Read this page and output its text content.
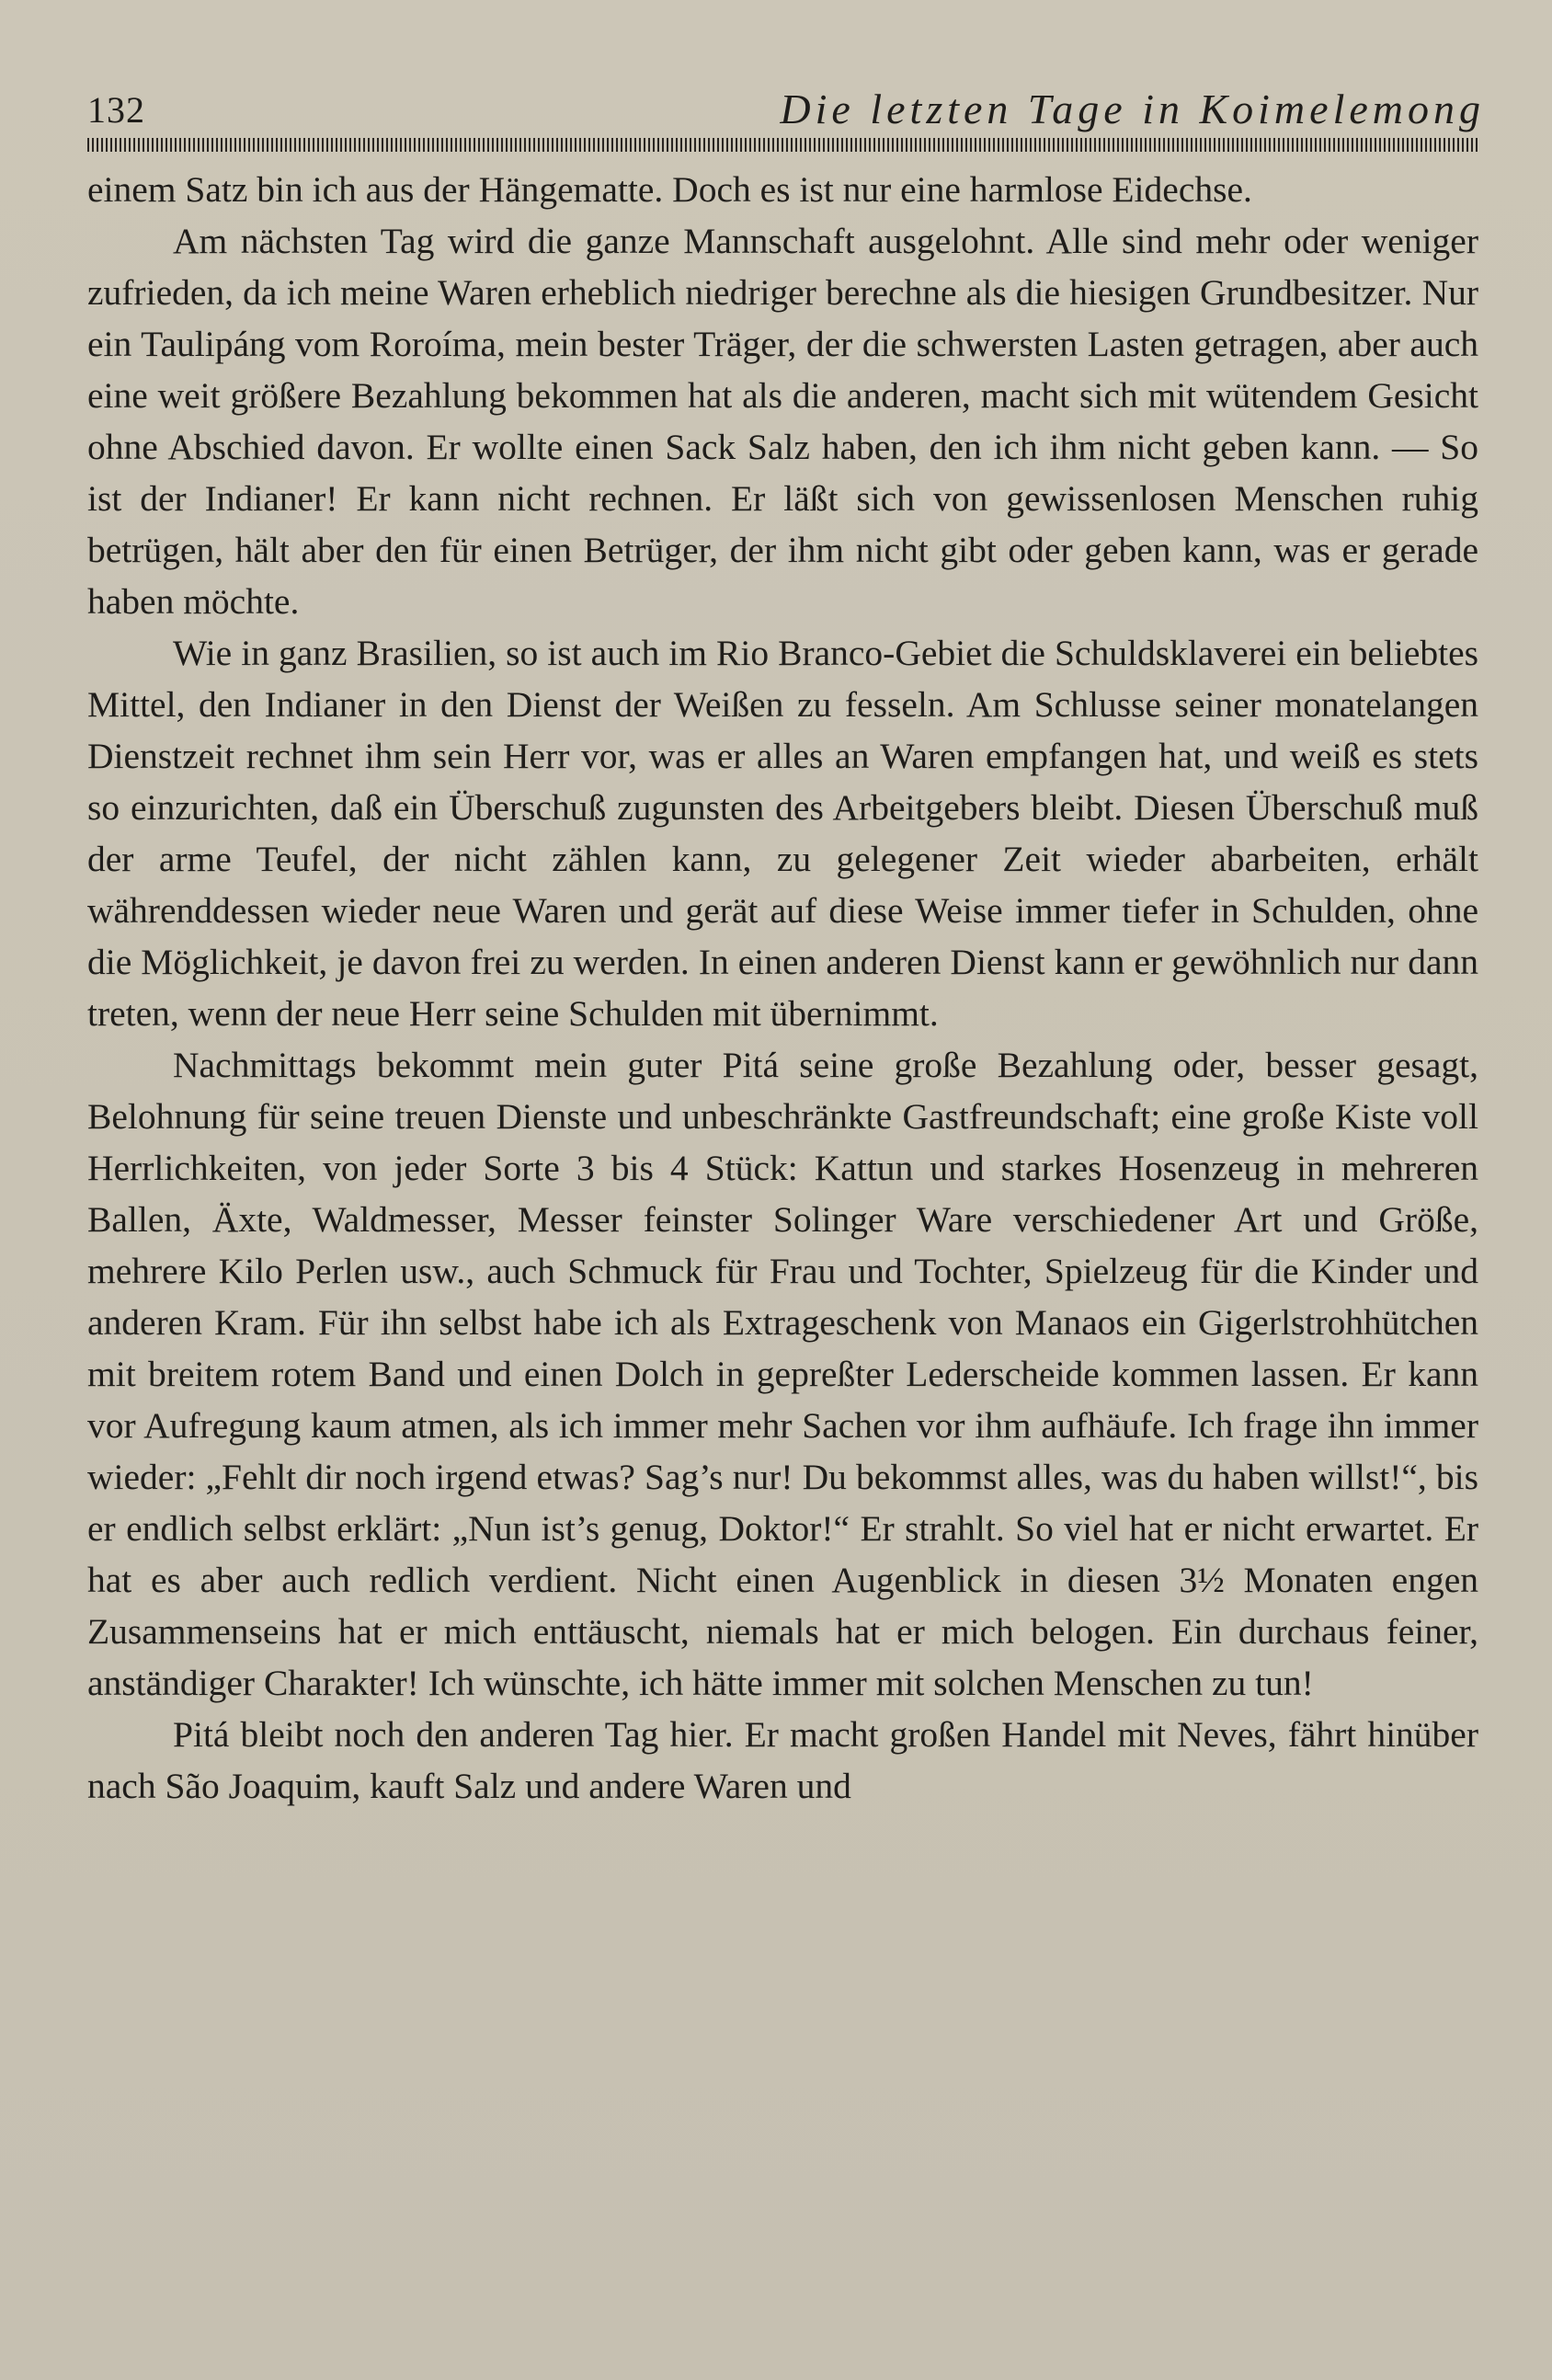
132	Die letzten Tage in Koimelemong

einem Satz bin ich aus der Hängematte. Doch es ist nur eine harmlose Eidechse.

Am nächsten Tag wird die ganze Mannschaft ausgelohnt. Alle sind mehr oder weniger zufrieden, da ich meine Waren erheblich niedriger berechne als die hiesigen Grundbesitzer. Nur ein Taulipáng vom Roroíma, mein bester Träger, der die schwersten Lasten getragen, aber auch eine weit größere Bezahlung bekommen hat als die anderen, macht sich mit wütendem Gesicht ohne Abschied davon. Er wollte einen Sack Salz haben, den ich ihm nicht geben kann. — So ist der Indianer! Er kann nicht rechnen. Er läßt sich von gewissenlosen Menschen ruhig betrügen, hält aber den für einen Betrüger, der ihm nicht gibt oder geben kann, was er gerade haben möchte.

Wie in ganz Brasilien, so ist auch im Rio Branco-Gebiet die Schuldsklaverei ein beliebtes Mittel, den Indianer in den Dienst der Weißen zu fesseln. Am Schlusse seiner monatelangen Dienstzeit rechnet ihm sein Herr vor, was er alles an Waren empfangen hat, und weiß es stets so einzurichten, daß ein Überschuß zugunsten des Arbeitgebers bleibt. Diesen Überschuß muß der arme Teufel, der nicht zählen kann, zu gelegener Zeit wieder abarbeiten, erhält währenddessen wieder neue Waren und gerät auf diese Weise immer tiefer in Schulden, ohne die Möglichkeit, je davon frei zu werden. In einen anderen Dienst kann er gewöhnlich nur dann treten, wenn der neue Herr seine Schulden mit übernimmt.

Nachmittags bekommt mein guter Pitá seine große Bezahlung oder, besser gesagt, Belohnung für seine treuen Dienste und unbeschränkte Gastfreundschaft; eine große Kiste voll Herrlichkeiten, von jeder Sorte 3 bis 4 Stück: Kattun und starkes Hosenzeug in mehreren Ballen, Äxte, Waldmesser, Messer feinster Solinger Ware verschiedener Art und Größe, mehrere Kilo Perlen usw., auch Schmuck für Frau und Tochter, Spielzeug für die Kinder und anderen Kram. Für ihn selbst habe ich als Extrageschenk von Manaos ein Gigerlstrohhütchen mit breitem rotem Band und einen Dolch in gepreßter Lederscheide kommen lassen. Er kann vor Aufregung kaum atmen, als ich immer mehr Sachen vor ihm aufhäufe. Ich frage ihn immer wieder: „Fehlt dir noch irgend etwas? Sag’s nur! Du bekommst alles, was du haben willst!“, bis er endlich selbst erklärt: „Nun ist’s genug, Doktor!“ Er strahlt. So viel hat er nicht erwartet. Er hat es aber auch redlich verdient. Nicht einen Augenblick in diesen 3½ Monaten engen Zusammenseins hat er mich enttäuscht, niemals hat er mich belogen. Ein durchaus feiner, anständiger Charakter! Ich wünschte, ich hätte immer mit solchen Menschen zu tun!

Pitá bleibt noch den anderen Tag hier. Er macht großen Handel mit Neves, fährt hinüber nach São Joaquim, kauft Salz und andere Waren und
